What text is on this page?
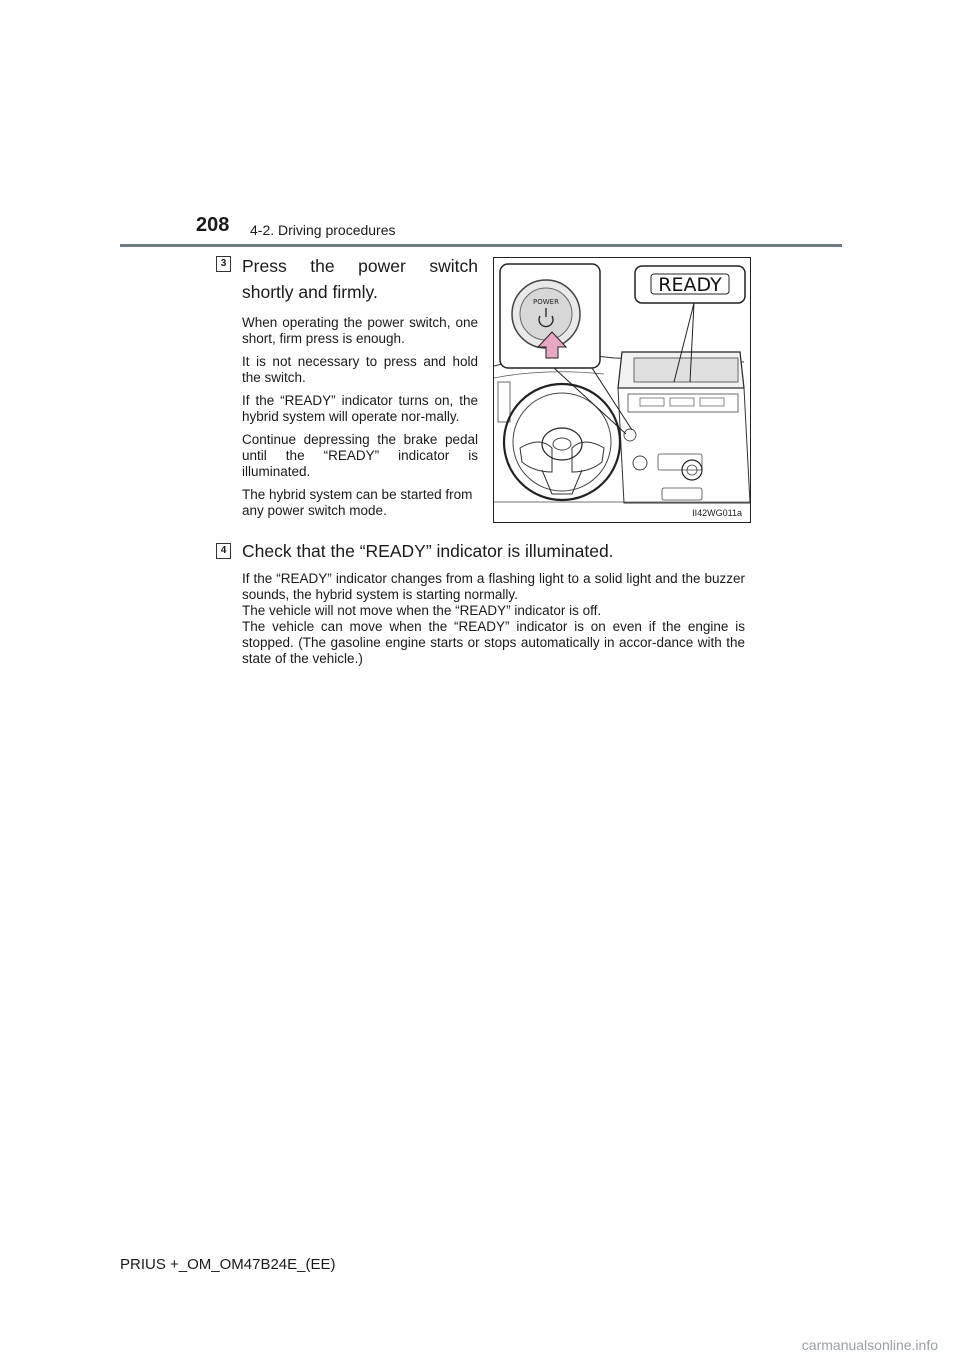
208 4-2. Driving procedures
3 Press the power switch shortly and firmly.

When operating the power switch, one short, firm press is enough.

It is not necessary to press and hold the switch.

If the “READY” indicator turns on, the hybrid system will operate nor-mally.

Continue depressing the brake pedal until the “READY” indicator is illuminated.

The hybrid system can be started from any power switch mode.

POWER
READY
II42WG011a
4 Check that the “READY” indicator is illuminated.

If the “READY” indicator changes from a flashing light to a solid light and the buzzer sounds, the hybrid system is starting normally.

The vehicle will not move when the “READY” indicator is off.

The vehicle can move when the “READY” indicator is on even if the engine is stopped. (The gasoline engine starts or stops automatically in accor-dance with the state of the vehicle.)

PRIUS +_OM_OM47B24E_(EE)
carmanualsonline.info
